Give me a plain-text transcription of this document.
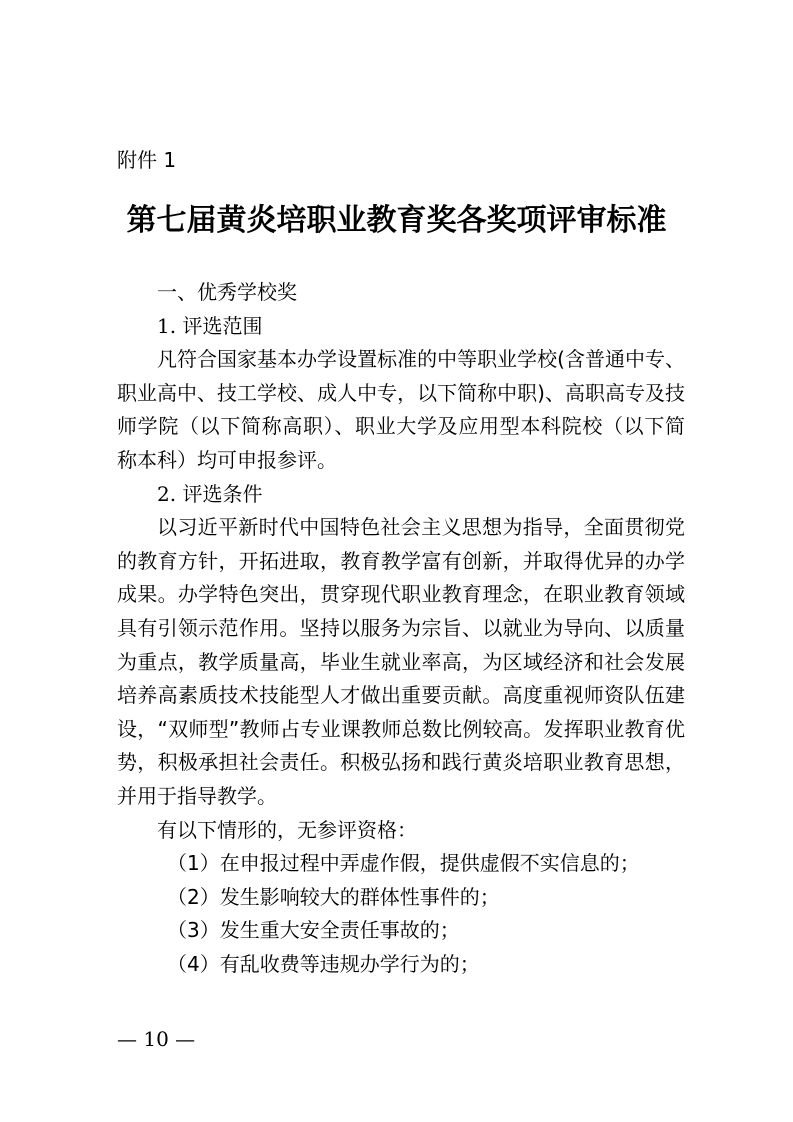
附件 1
第七届黄炎培职业教育奖各奖项评审标准

一、优秀学校奖

1. 评选范围

凡符合国家基本办学设置标准的中等职业学校(含普通中专、职业高中、技工学校、成人中专，以下简称中职)、高职高专及技师学院（以下简称高职）、职业大学及应用型本科院校（以下简称本科）均可申报参评。

2. 评选条件

以习近平新时代中国特色社会主义思想为指导，全面贯彻党的教育方针，开拓进取，教育教学富有创新，并取得优异的办学成果。办学特色突出，贯穿现代职业教育理念，在职业教育领域具有引领示范作用。坚持以服务为宗旨、以就业为导向、以质量为重点，教学质量高，毕业生就业率高，为区域经济和社会发展培养高素质技术技能型人才做出重要贡献。高度重视师资队伍建设，“双师型”教师占专业课教师总数比例较高。发挥职业教育优势，积极承担社会责任。积极弘扬和践行黄炎培职业教育思想，并用于指导教学。

有以下情形的，无参评资格：

（1）在申报过程中弄虚作假，提供虚假不实信息的；

（2）发生影响较大的群体性事件的；

（3）发生重大安全责任事故的；

（4）有乱收费等违规办学行为的；

— 10 —
